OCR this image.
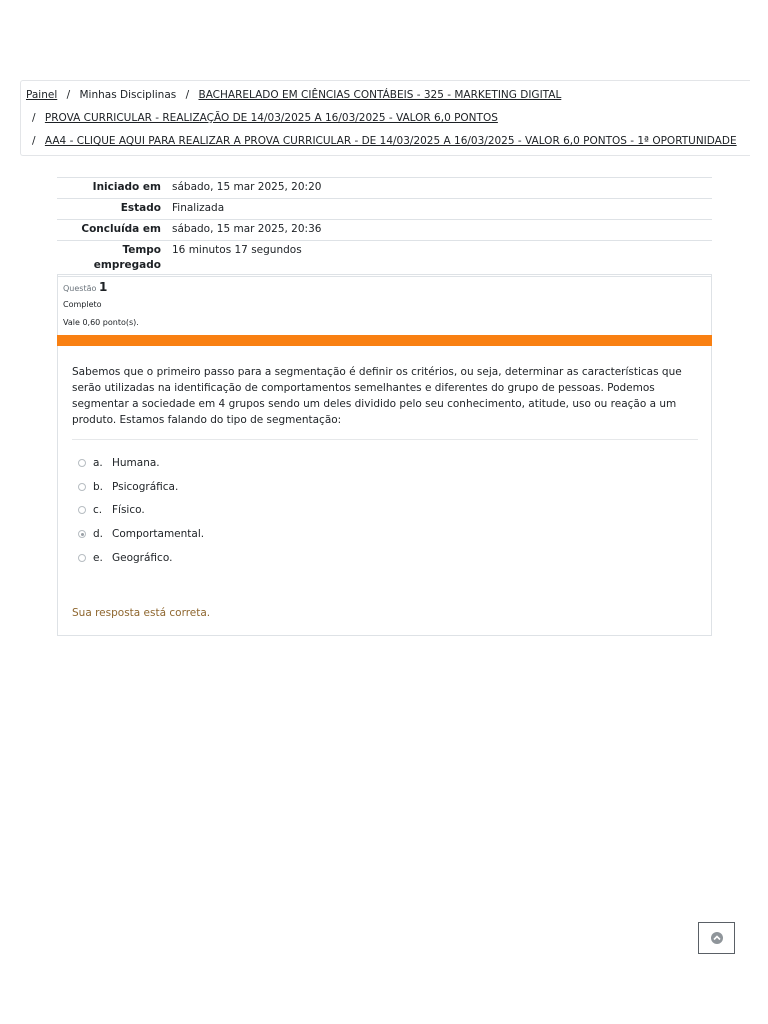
Painel / Minhas Disciplinas / BACHARELADO EM CIÊNCIAS CONTÁBEIS - 325 - MARKETING DIGITAL
/ PROVA CURRICULAR - REALIZAÇÃO DE 14/03/2025 A 16/03/2025 - VALOR 6,0 PONTOS
/ AA4 - CLIQUE AQUI PARA REALIZAR A PROVA CURRICULAR - DE 14/03/2025 A 16/03/2025 - VALOR 6,0 PONTOS - 1ª OPORTUNIDADE
Iniciado em	sábado, 15 mar 2025, 20:20
Estado	Finalizada
Concluída em	sábado, 15 mar 2025, 20:36
Tempo empregado	16 minutos 17 segundos
Questão 1
Completo
Vale 0,60 ponto(s).
Sabemos que o primeiro passo para a segmentação é definir os critérios, ou seja, determinar as características que serão utilizadas na identificação de comportamentos semelhantes e diferentes do grupo de pessoas. Podemos segmentar a sociedade em 4 grupos sendo um deles dividido pelo seu conhecimento, atitude, uso ou reação a um produto. Estamos falando do tipo de segmentação:
a. Humana.
b. Psicográfica.
c. Físico.
d. Comportamental.
e. Geográfico.
Sua resposta está correta.
